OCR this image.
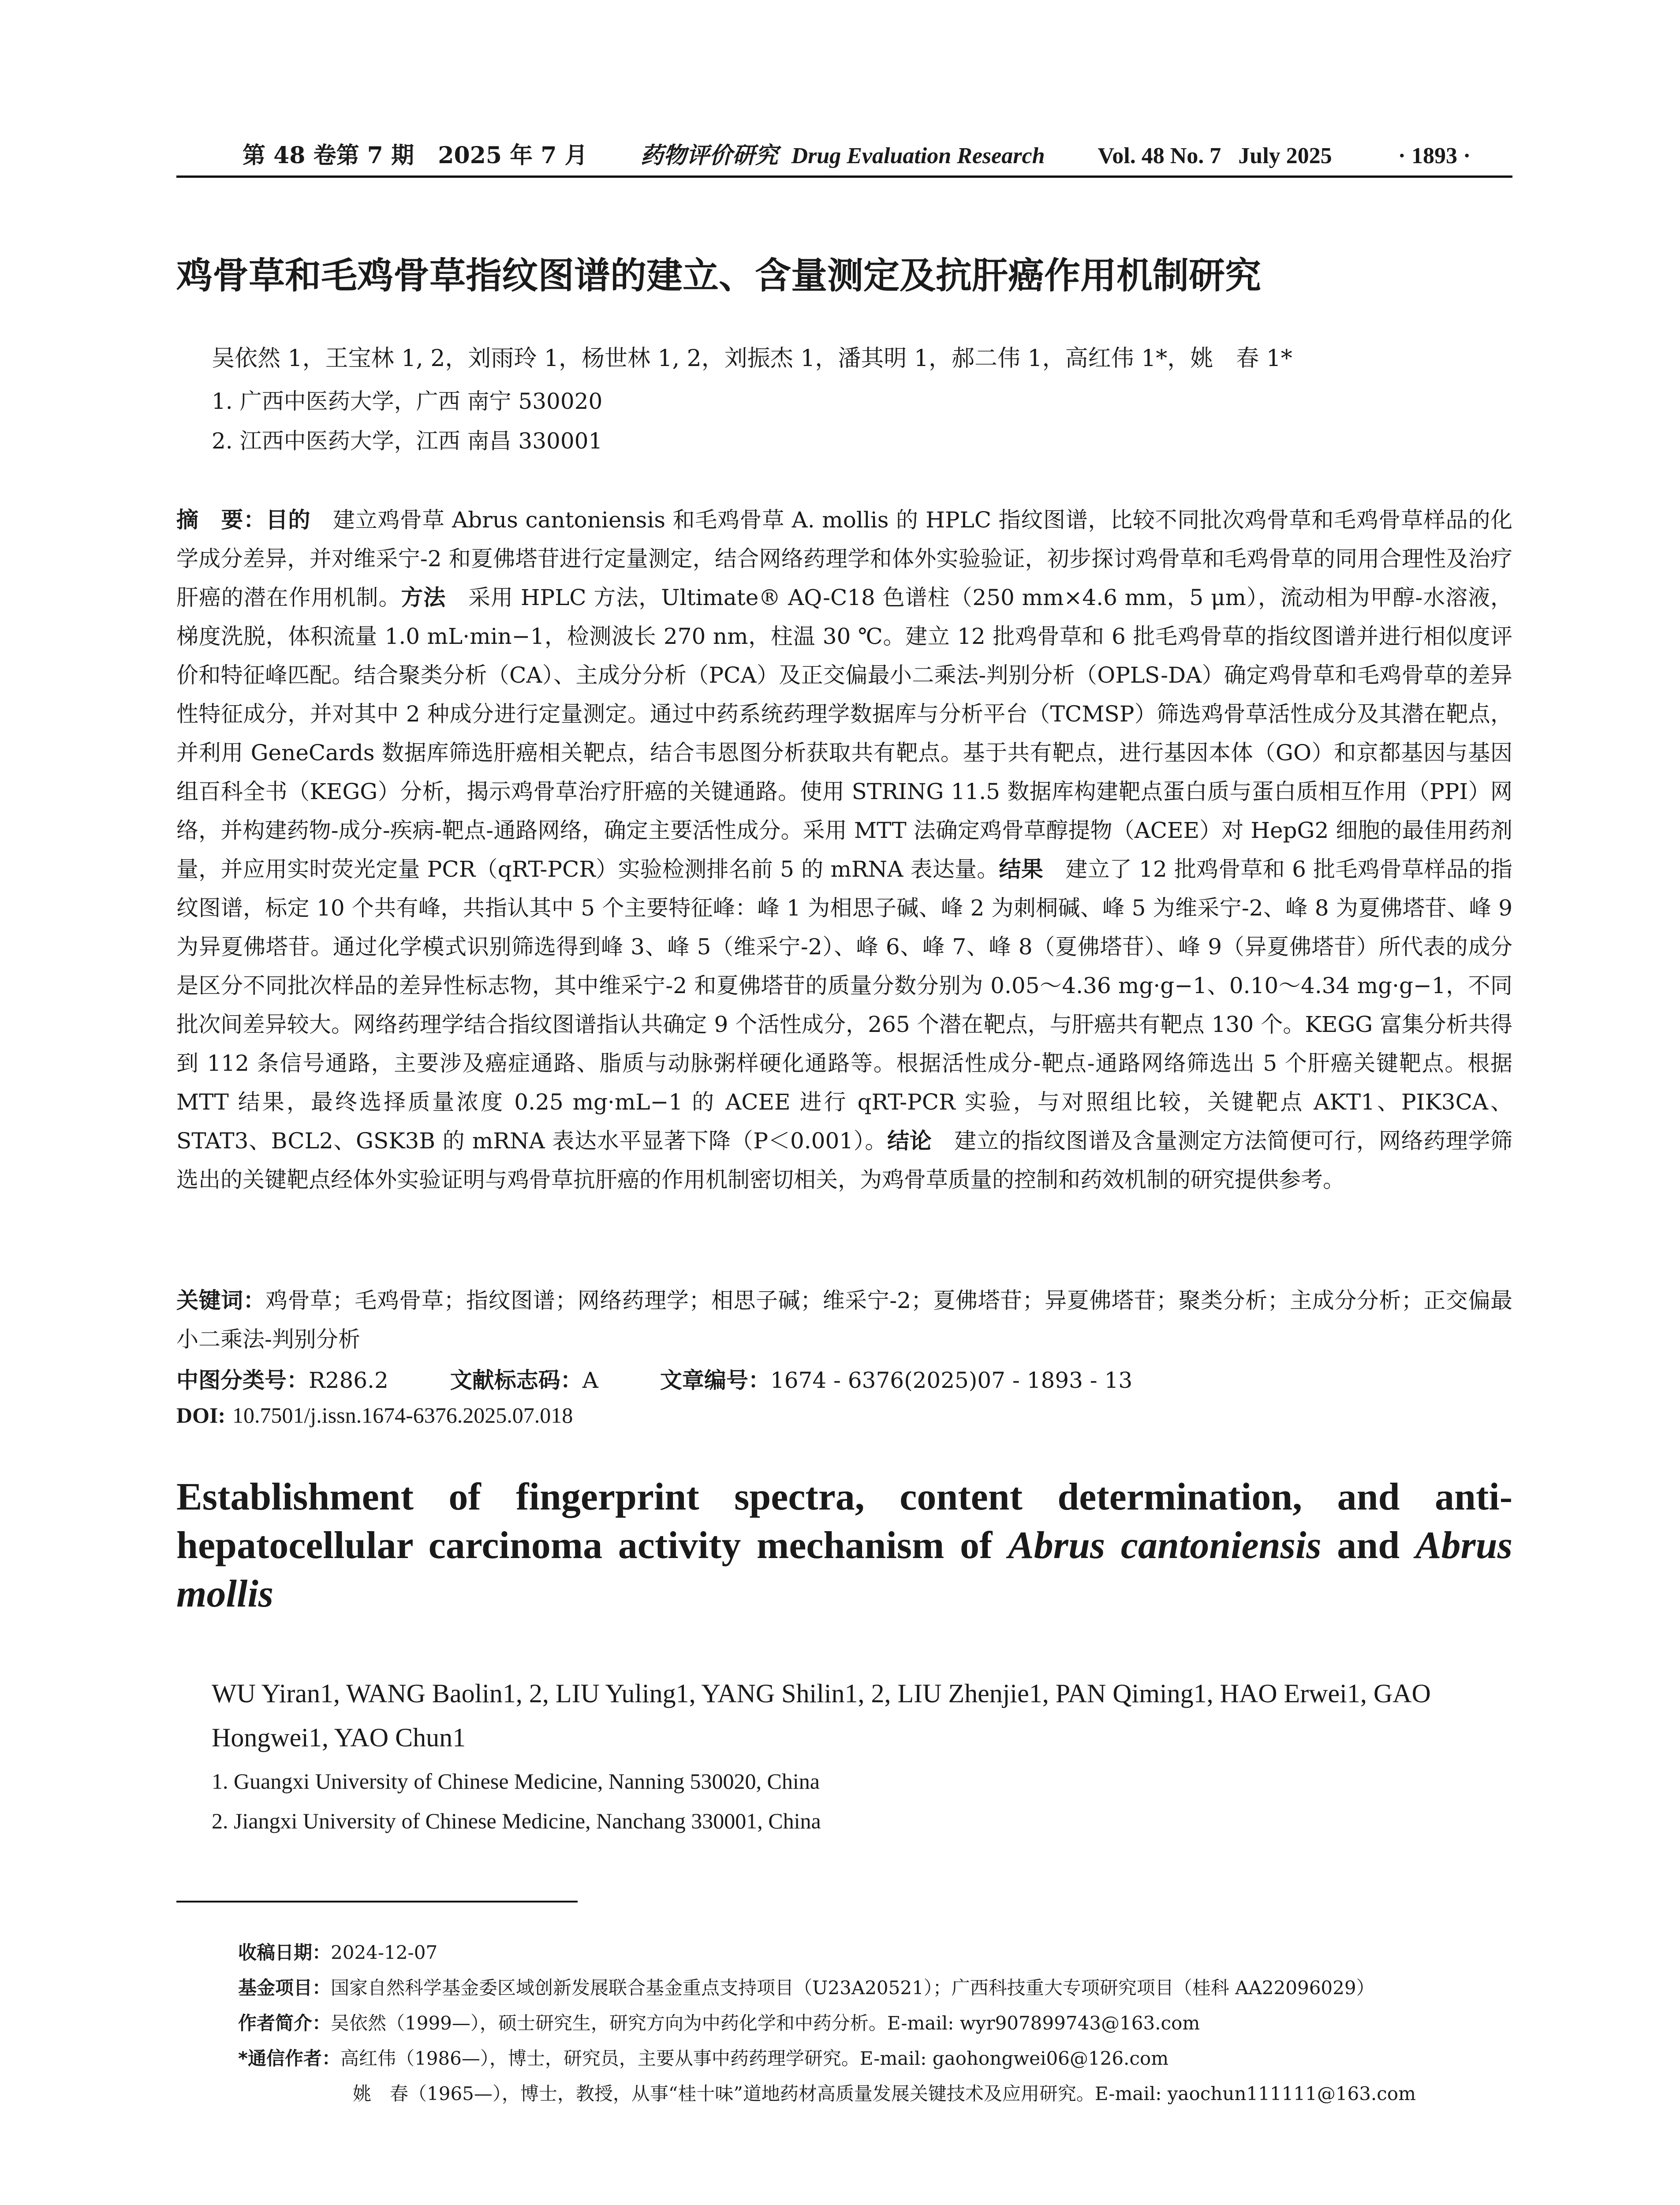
第 48 卷第 7 期   2025 年 7 月 药物评价研究 Drug Evaluation Research Vol. 48 No. 7   July 2025	· 1893 ·
鸡骨草和毛鸡骨草指纹图谱的建立、含量测定及抗肝癌作用机制研究
吴依然 1，王宝林 1, 2，刘雨玲 1，杨世林 1, 2，刘振杰 1，潘其明 1，郝二伟 1，高红伟 1*，姚　春 1*
1. 广西中医药大学，广西 南宁 530020
2. 江西中医药大学，江西 南昌 330001
摘　要：目的　 建立鸡骨草 Abrus cantoniensis 和毛鸡骨草 A. mollis 的 HPLC 指纹图谱，比较不同批次鸡骨草和毛鸡骨草样品的化学成分差异，并对维采宁-2 和夏佛塔苷进行定量测定，结合网络药理学和体外实验验证，初步探讨鸡骨草和毛鸡骨草的同用合理性及治疗肝癌的潜在作用机制。方法　 采用 HPLC 方法，Ultimate® AQ-C18 色谱柱（250 mm×4.6 mm，5 μm），流动相为甲醇-水溶液，梯度洗脱，体积流量 1.0 mL·min−1，检测波长 270 nm，柱温 30 ℃。建立 12 批鸡骨草和 6 批毛鸡骨草的指纹图谱并进行相似度评价和特征峰匹配。结合聚类分析（CA）、主成分分析（PCA）及正交偏最小二乘法-判别分析（OPLS-DA）确定鸡骨草和毛鸡骨草的差异性特征成分，并对其中 2 种成分进行定量测定。通过中药系统药理学数据库与分析平台（TCMSP）筛选鸡骨草活性成分及其潜在靶点，并利用 GeneCards 数据库筛选肝癌相关靶点，结合韦恩图分析获取共有靶点。基于共有靶点，进行基因本体（GO）和京都基因与基因组百科全书（KEGG）分析，揭示鸡骨草治疗肝癌的关键通路。使用 STRING 11.5 数据库构建靶点蛋白质与蛋白质相互作用（PPI）网络，并构建药物-成分-疾病-靶点-通路网络，确定主要活性成分。采用 MTT 法确定鸡骨草醇提物（ACEE）对 HepG2 细胞的最佳用药剂量，并应用实时荧光定量 PCR（qRT-PCR）实验检测排名前 5 的 mRNA 表达量。结果　 建立了 12 批鸡骨草和 6 批毛鸡骨草样品的指纹图谱，标定 10 个共有峰，共指认其中 5 个主要特征峰：峰 1 为相思子碱、峰 2 为刺桐碱、峰 5 为维采宁-2、峰 8 为夏佛塔苷、峰 9 为异夏佛塔苷。通过化学模式识别筛选得到峰 3、峰 5（维采宁-2）、峰 6、峰 7、峰 8（夏佛塔苷）、峰 9（异夏佛塔苷）所代表的成分是区分不同批次样品的差异性标志物，其中维采宁-2 和夏佛塔苷的质量分数分别为 0.05～4.36 mg·g−1、0.10～4.34 mg·g−1，不同批次间差异较大。网络药理学结合指纹图谱指认共确定 9 个活性成分，265 个潜在靶点，与肝癌共有靶点 130 个。KEGG 富集分析共得到 112 条信号通路，主要涉及癌症通路、脂质与动脉粥样硬化通路等。根据活性成分-靶点-通路网络筛选出 5 个肝癌关键靶点。根据 MTT 结果，最终选择质量浓度 0.25 mg·mL−1 的 ACEE 进行 qRT-PCR 实验，与对照组比较，关键靶点 AKT1、PIK3CA、STAT3、BCL2、GSK3B 的 mRNA 表达水平显著下降（P＜0.001）。结论　 建立的指纹图谱及含量测定方法简便可行，网络药理学筛选出的关键靶点经体外实验证明与鸡骨草抗肝癌的作用机制密切相关，为鸡骨草质量的控制和药效机制的研究提供参考。
关键词：鸡骨草；毛鸡骨草；指纹图谱；网络药理学；相思子碱；维采宁-2；夏佛塔苷；异夏佛塔苷；聚类分析；主成分分析；正交偏最小二乘法-判别分析
中图分类号：R286.2	文献标志码：A	文章编号：1674 - 6376(2025)07 - 1893 - 13
DOI:
10.7501/j.issn.1674-6376.2025.07.018
Establishment of fingerprint spectra, content determination, and anti-hepatocellular carcinoma activity mechanism of Abrus cantoniensis and Abrus mollis
WU Yiran1, WANG Baolin1, 2, LIU Yuling1, YANG Shilin1, 2, LIU Zhenjie1, PAN Qiming1, HAO Erwei1, GAO Hongwei1, YAO Chun1
1. Guangxi University of Chinese Medicine, Nanning 530020, China
2. Jiangxi University of Chinese Medicine, Nanchang 330001, China
收稿日期：2024-12-07
基金项目：国家自然科学基金委区域创新发展联合基金重点支持项目（U23A20521）；广西科技重大专项研究项目（桂科 AA22096029）
作者简介：吴依然（1999—），硕士研究生，研究方向为中药化学和中药分析。E-mail: wyr907899743@163.com
*通信作者：高红伟（1986—），博士，研究员，主要从事中药药理学研究。E-mail: gaohongwei06@126.com
姚　春（1965—），博士，教授，从事“桂十味”道地药材高质量发展关键技术及应用研究。E-mail: yaochun111111@163.com
